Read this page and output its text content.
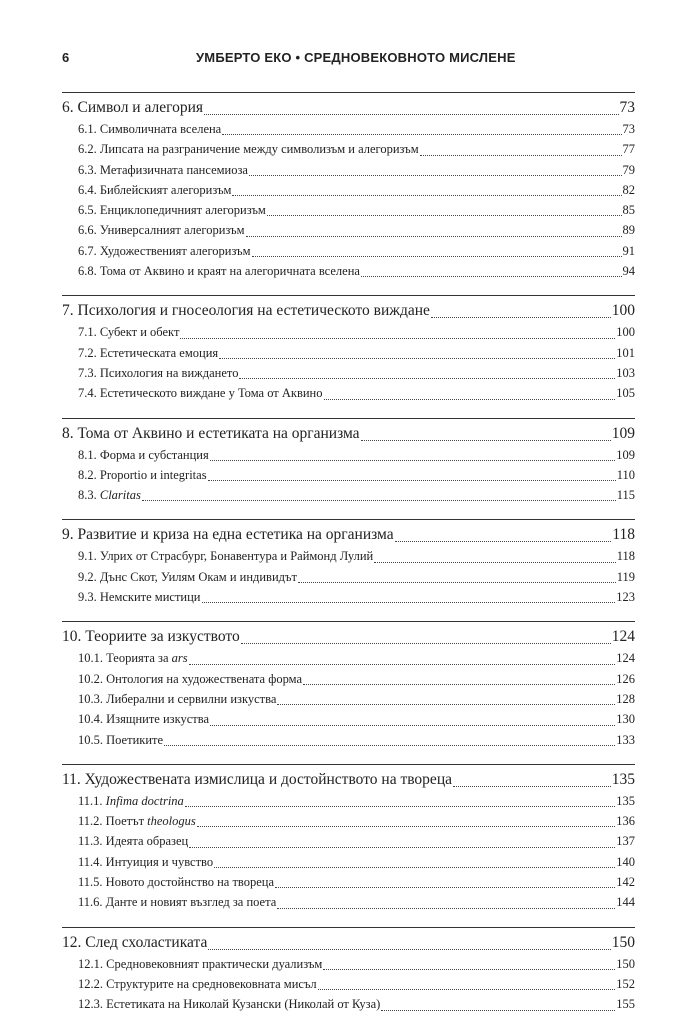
6	УМБЕРТО ЕКО • СРЕДНОВЕКОВНОТО МИСЛЕНЕ
6. Символ и алегория	73
6.1. Символичната вселена	73
6.2. Липсата на разграничение между символизъм и алегоризъм	77
6.3. Метафизичната пансемиоза	79
6.4. Библейският алегоризъм	82
6.5. Енциклопедичният алегоризъм	85
6.6. Универсалният алегоризъм	89
6.7. Художественият алегоризъм	91
6.8. Тома от Аквино и краят на алегоричната вселена	94
7. Психология и гносеология на естетическото виждане	100
7.1. Субект и обект	100
7.2. Естетическата емоция	101
7.3. Психология на виждането	103
7.4. Естетическото виждане у Тома от Аквино	105
8. Тома от Аквино и естетиката на организма	109
8.1. Форма и субстанция	109
8.2. Proportio и integritas	110
8.3. Claritas	115
9. Развитие и криза на една естетика на организма	118
9.1. Улрих от Страсбург, Бонавентура и Раймонд Лулий	118
9.2. Дънс Скот, Уилям Окам и индивидът	119
9.3. Немските мистици	123
10. Теориите за изкуството	124
10.1. Теорията за ars	124
10.2. Онтология на художествената форма	126
10.3. Либерални и сервилни изкуства	128
10.4. Изящните изкуства	130
10.5. Поетиките	133
11. Художествената измислица и достойнството на твореца	135
11.1. Infima doctrina	135
11.2. Поетът theologus	136
11.3. Идеята образец	137
11.4. Интуиция и чувство	140
11.5. Новото достойнство на твореца	142
11.6. Данте и новият възглед за поета	144
12. След схоластиката	150
12.1. Средновековният практически дуализъм	150
12.2. Структурите на средновековната мисъл	152
12.3. Естетиката на Николай Кузански (Николай от Куза)	155
